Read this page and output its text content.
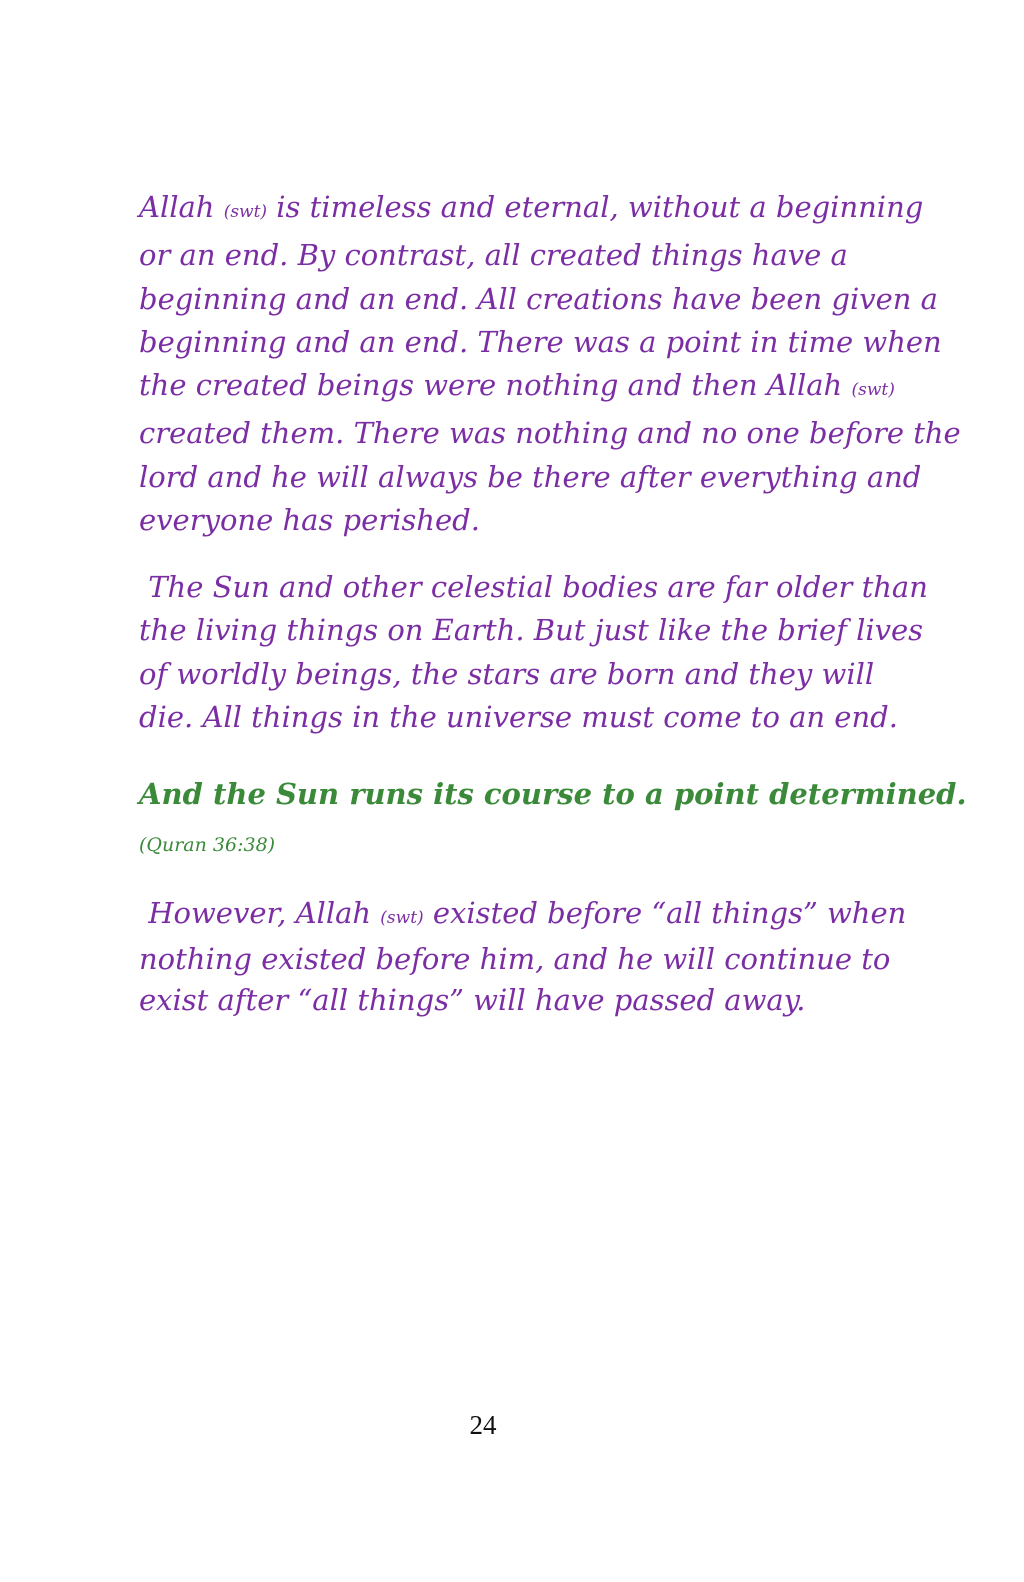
Allah (swt) is timeless and eternal, without a beginning
or an end. By contrast, all created things have a
beginning and an end. All creations have been given a
beginning and an end. There was a point in time when
the created beings were nothing and then Allah (swt)
created them. There was nothing and no one before the
lord and he will always be there after everything and
everyone has perished.
The Sun and other celestial bodies are far older than
the living things on Earth. But just like the brief lives
of worldly beings, the stars are born and they will
die. All things in the universe must come to an end.
And the Sun runs its course to a point determined.
(Quran 36:38)
However, Allah (swt) existed before “all things” when
nothing existed before him, and he will continue to
exist after “all things” will have passed away.
24
